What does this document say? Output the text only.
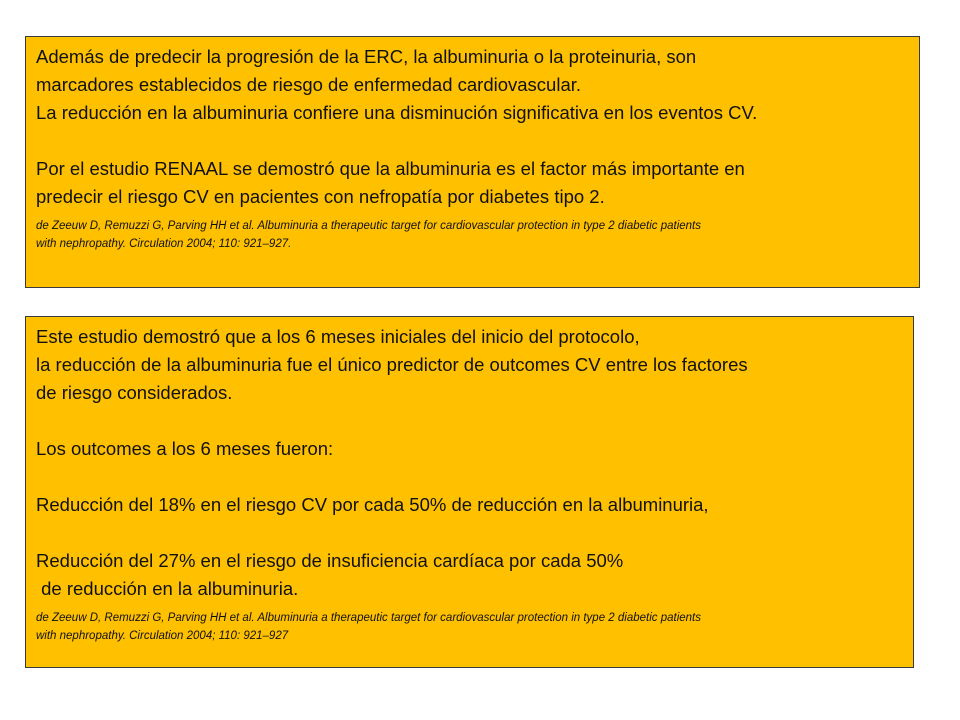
Además de predecir la progresión de la ERC, la albuminuria o la proteinuria, son
marcadores establecidos de riesgo de enfermedad cardiovascular.
La reducción en la albuminuria confiere una disminución significativa en los eventos CV.
Por el estudio RENAAL se demostró que la albuminuria es el factor más importante en
predecir el riesgo CV en pacientes con nefropatía por diabetes tipo 2.
de Zeeuw D, Remuzzi G, Parving HH et al. Albuminuria a therapeutic target for cardiovascular protection in type 2 diabetic patients
with nephropathy. Circulation 2004; 110: 921–927.
Este estudio demostró que a los 6 meses iniciales del inicio del protocolo,
la reducción de la albuminuria fue el único predictor de outcomes CV entre los factores
de riesgo considerados.
Los outcomes a los 6 meses fueron:
Reducción del 18% en el riesgo CV por cada 50% de reducción en la albuminuria,
Reducción del 27% en el riesgo de insuficiencia cardíaca por cada 50%
de reducción en la albuminuria.
de Zeeuw D, Remuzzi G, Parving HH et al. Albuminuria a therapeutic target for cardiovascular protection in type 2 diabetic patients
with nephropathy. Circulation 2004; 110: 921–927
